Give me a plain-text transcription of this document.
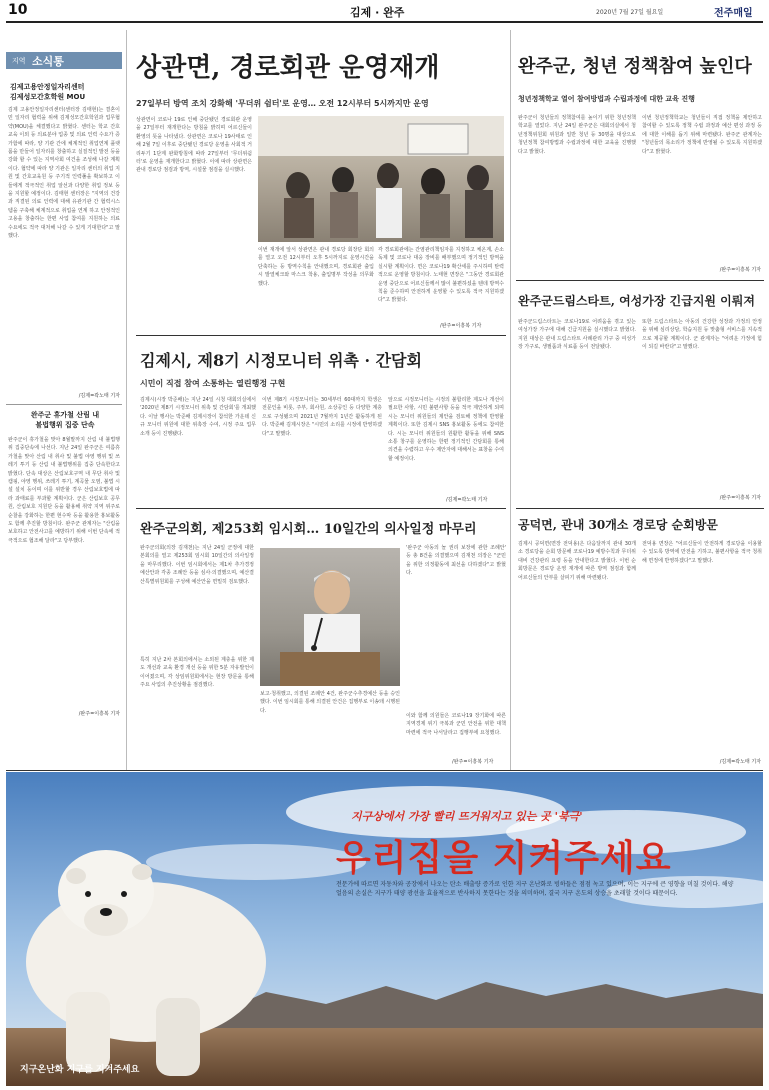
10	김제 · 완주	2020년 7월 27일 월요일	전주매일
지역 소식통
김제고용안정일자리센터
김제성모간호학원 MOU
김제 고용안정일자리센터(센터장 김태현)는 결혼이민 일자리 협력을 위해 김제성모간호학원과 업무협약(MOU)을 체결했다고 밝혔다. 센터는 학교 간호교육 이외 등 의료분야 업종 및 의료 인력 수요가 증가함에 따라, 양 기관 간에 체계적인 취업연계 플랫폼을 만들어 일자리를 창출하고 실질적인 발전 등을 강화 할 수 있는 지역사회 여건을 조성해 나갈 계획이다. 협약에 따라 양 기관은 일자리 센터의 취업 지원 및 간호교육원 등 주기적 인력풀을 확보하고 이들에게 적극적인 취업 알선과 다양한 취업 정보 등을 지원할 예정이다. 김태현 센터장은 "지역의 건강과 직결된 의료 인력에 대해 유관기관 간 협력시스템을 구축해 체계적으로 취업을 연계 하고 안정적인 고용을 창출하는 한편 사업 참여를 지원하는 의료 수요에도 적극 대처해 나갈 수 있게 기대한다"고 말했다.
/김제=곽노태 기자
완주군 휴가철 산림 내
불법행위 집중 단속
완주군이 휴가철을 맞아 8월말까지 산림 내 불법행위 집중단속에 나선다. 지난 24일 완주군은 여름휴가철을 맞아 산림 내 취사 및 불법 야영 행위 및 쓰레기 투기 등 산림 내 불법행위를 집중 단속한다고 밝혔다. 단속 대상은 산림보호구역 내 무단 취사 및 캠핑, 야영 행위, 쓰레기 투기, 계곡물 오염, 불법 시설 설치 등이며 이를 위반할 경우 산림보호법에 따라 과태료를 부과할 계획이다. 군은 산림보호 공무원, 산림보호 지원단 등을 활용해 취약 지역 위주로 순찰을 강화하는 한편 현수막 등을 활용한 홍보활동도 함께 추진할 방침이다. 완주군 관계자는 "산림을 보호하고 안전사고를 예방하기 위해 이번 단속에 적극적으로 협조해 달라"고 당부했다.
/완주=이흥복 기자
상관면, 경로회관 운영재개
27일부터 방역 조치 강화해 '무더위 쉼터'로 운영… 오전 12시부터 5시까지만 운영
상관면이 코로나 19로 인해 중단됐던 경로회관 운영을 27일부터 재개한다는 방침을 밝히며 어르신들이 환영의 뜻을 나타냈다. 상관면은 코로나 19사태로 인해 2월 7일 이후로 중단됐던 경로당 운영을 사회적 거리두기 1단계 완화방침에 따라 27일부터 '무더위쉼터'로 운영을 재개한다고 밝혔다. 이에 따라 상관면은 관내 경로당 점검과 방역, 시설물 점검을 실시했다.
이번 재개에 앞서 상관면은 관내 경로당 회장단 회의를 열고 오전 12시부터 오후 5시까지로 운영시간을 단축하는 등 방역수칙을 안내했으며, 경로회관 출입 시 발열체크와 마스크 착용, 출입명부 작성을 의무화했다.
각 경로회관에는 간염관리책임자를 지정하고 체온계, 손소독제 및 코로나 대응 장비를 배부했으며 정기적인 방역을 실시할 계획이다. 면은 코로나19 확산세를 주시하며 탄력적으로 운영할 방침이다. 노태현 면장은 "그동안 경로회관 운영 중단으로 어르신들께서 많이 불편하셨을 텐데 방역수칙을 준수하며 안전하게 운영할 수 있도록 적극 지원하겠다"고 밝혔다.
/완주=이흥복 기자
김제시, 제8기 시정모니터 위촉 · 간담회
시민이 직접 참여 소통하는 열린행정 구현
김제시(시장 박준배)는 지난 24일 시청 대회의실에서 '2020년 제8기 시정모니터 위촉 및 간담회'를 개최했다. 이날 행사는 박준배 김제시장이 참석한 가운데 신규 모니터 위원에 대한 위촉장 수여, 시정 주요 업무 소개 등이 진행됐다.
이번 제8기 시정모니터는 30세부터 60대까지 학생은 전문인을 비롯, 주부, 회사원, 소상공인 등 다양한 계층으로 구성됐으며 2021년 7월까지 1년간 활동하게 된다. 박준배 김제시장은 "시민의 소리를 시정에 반영하겠다"고 말했다.
앞으로 시정모니터는 시정의 불합리한 제도나 개선이 필요한 사항, 시민 불편사항 등을 적극 제안하게 되며 시는 모니터 위원들의 제안을 검토해 정책에 반영할 계획이다. 또한 김제시 SNS 홍보활동 등에도 참여한다. 시는 모니터 위원들의 원활한 활동을 위해 SNS 소통 창구를 운영하는 한편 정기적인 간담회를 통해 의견을 수렴하고 우수 제안자에 대해서는 표창을 수여할 예정이다.
/김제=곽노태 기자
완주군의회, 제253회 임시회… 10일간의 의사일정 마무리
완주군의회(의장 김재천)는 지난 24일 군정에 대한 본회의를 열고 제253회 임시회 10일간의 의사일정을 마무리했다. 이번 임시회에서는 제1차 추가경정예산안과 각종 조례안 등을 심사·의결했으며, 예산결산특별위원회를 구성해 예산안을 면밀히 검토했다.
특히 지난 2차 본회의에서는 소외된 계층을 위한 제도 개선과 교육 환경 개선 등을 위한 5분 자유발언이 이어졌으며, 각 상임위원회에서는 현장 방문을 통해 주요 사업의 추진상황을 점검했다.
보고·청취했고, 의결된 조례안 4건, 완주군수추경예산 등을 승인했다. 이번 임시회를 통해 의결된 안건은 집행부로 이송돼 시행된다.
'완주군 아동의 놀 권리 보장에 관한 조례안' 등 총 8건을 의결했으며 김재천 의장은 "군민을 위한 의정활동에 최선을 다하겠다"고 밝혔다.
이와 함께 의원들은 코로나19 장기화에 따른 지역경제 위기 극복과 군민 안전을 위한 대책 마련에 적극 나서달라고 집행부에 요청했다.
/완주=이흥복 기자
완주군, 청년 정책참여 높인다
청년정책학교 열어 참여방법과 수립과정에 대한 교육 진행
완주군이 청년들의 정책참여를 높이기 위한 청년정책학교를 열었다. 지난 24일 완주군은 대회의실에서 청년정책위원회 위원과 일반 청년 등 30명을 대상으로 청년정책 참여방법과 수립과정에 대한 교육을 진행했다고 밝혔다.
이번 청년정책학교는 청년들이 직접 정책을 제안하고 참여할 수 있도록 정책 수립 과정과 예산 편성 과정 등에 대한 이해를 돕기 위해 마련됐다. 완주군 관계자는 "청년들의 목소리가 정책에 반영될 수 있도록 지원하겠다"고 밝혔다.
/완주=이흥복 기자
완주군드림스타트, 여성가장 긴급지원 이뤄져
완주군드림스타트는 코로나19로 어려움을 겪고 있는 여성가장 가구에 대해 긴급지원을 실시했다고 밝혔다. 지원 대상은 관내 드림스타트 사례관리 가구 중 여성가장 가구로, 생필품과 식료품 등이 전달됐다.
또한 드림스타트는 아동의 건강한 성장과 가정의 안정을 위해 심리상담, 학습지원 등 맞춤형 서비스를 지속적으로 제공할 계획이다. 군 관계자는 "어려운 가정에 힘이 되길 바란다"고 말했다.
/완주=이흥복 기자
공덕면, 관내 30개소 경로당 순회방문
김제시 공덕면(면장 전덕용)은 다음달까지 관내 30개소 경로당을 순회 방문해 코로나19 예방수칙과 무더위 대비 건강관리 요령 등을 안내한다고 밝혔다. 이번 순회방문은 경로당 운영 재개에 따른 방역 점검과 함께 어르신들의 안부를 살피기 위해 마련됐다.
전덕용 면장은 "어르신들이 안전하게 경로당을 이용할 수 있도록 방역에 만전을 기하고, 불편사항을 적극 청취해 면정에 반영하겠다"고 말했다.
/김제=곽노태 기자
지구상에서 가장 빨리 뜨거워지고 있는 곳 '북극'
우리집을 지켜주세요
전문가에 따르면 자동차와 공장에서 나오는 탄소 배출량 증가로 인한 지구 온난화로 빙하들은 점점 녹고 있으며, 이는 지구에 큰 영향을 미칠 것이다. 해양 얼음의 손실은 지구가 태양 광선을 효율적으로 반사하지 못한다는 것을 의미하며, 결국 지구 온도의 상승을 초래할 것이다 때문이다.
지구온난화 지구를 지켜주세요
